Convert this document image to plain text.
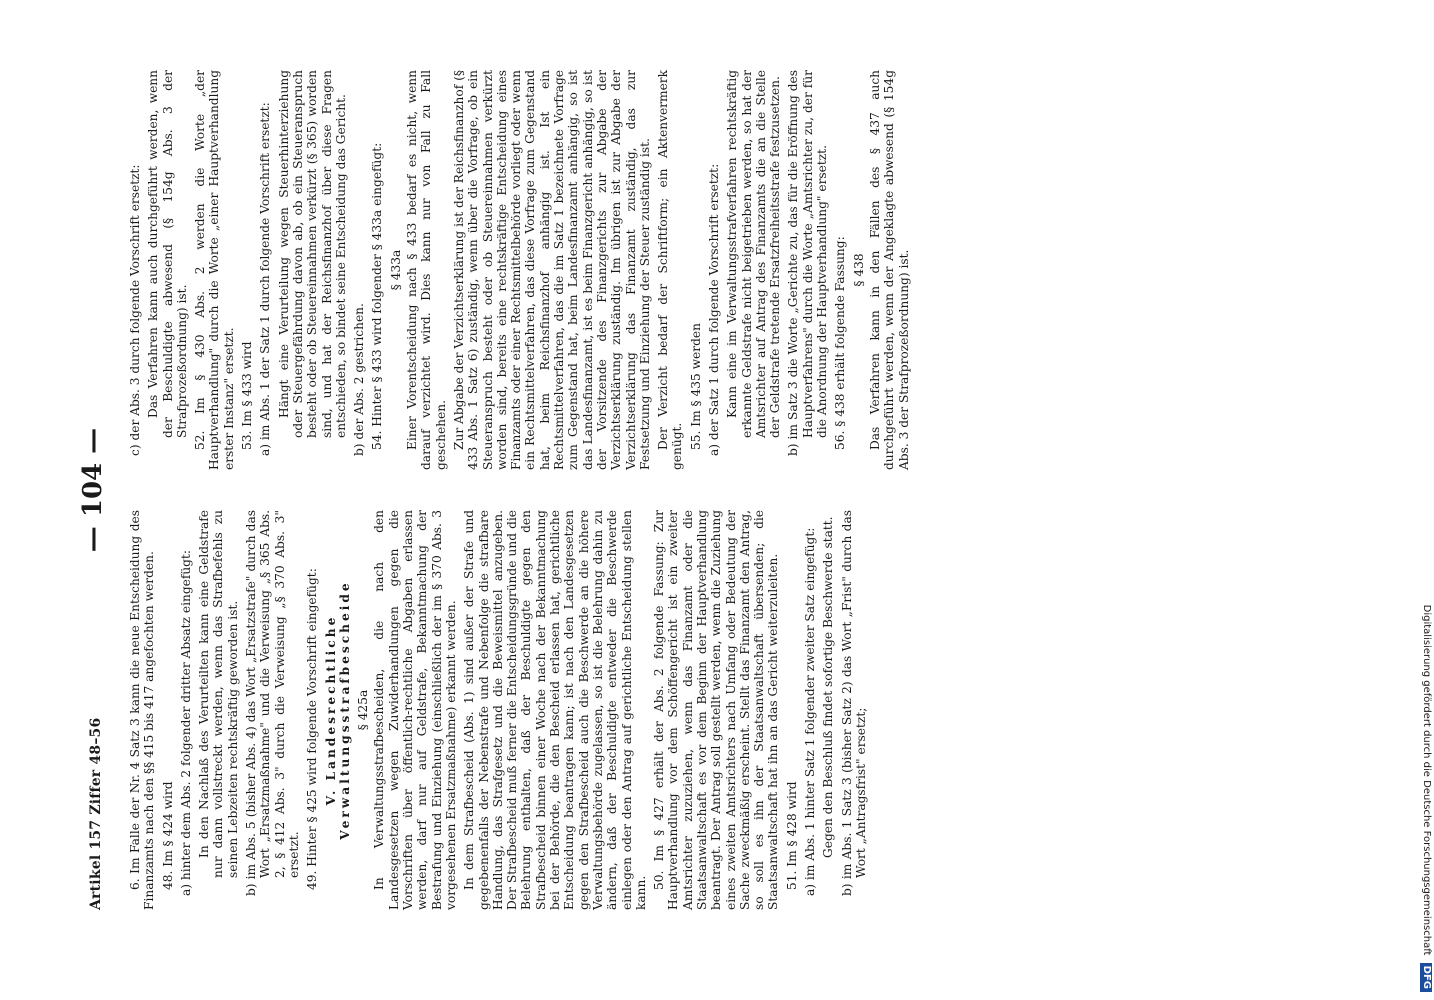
Artikel 157 Ziffer 48–56
— 104 —
6. Im Falle der Nr. 4 Satz 3 kann die neue Entscheidung des Finanzamts nach den §§ 415 bis 417 angefochten werden. 48. Im § 424 wird a) hinter dem Abs. 2 folgender dritter Absatz eingefügt: In den Nachlaß des Verurteilten kann eine Geldstrafe nur dann vollstreckt werden, wenn das Strafbefehls zu seinen Lebzeiten rechtskräftig geworden ist. b) im Abs. 5 (bisher Abs. 4) das Wort „Ersatzstrafe" durch das Wort „Ersatzmaßnahme" und die Verweisung „§ 365 Abs. 2, § 412 Abs. 3" durch die Verweisung „§ 370 Abs. 3" ersetzt. 49. Hinter § 425 wird folgende Vorschrift eingefügt: V. Landesrechtliche Verwaltungsstrafbescheide § 425a In Verwaltungsstrafbescheiden, die nach den Landesgesetzen wegen Zuwiderhandlungen gegen die Vorschriften über öffentlich-rechtliche Abgaben erlassen werden, darf nur auf Geldstrafe, Bekanntmachung der Bestrafung und Einziehung (einschließlich der im § 370 Abs. 3 vorgesehenen Ersatzmaßnahme) erkannt werden. In dem Strafbescheid (Abs. 1) sind außer der Strafe und gegebenenfalls der Nebenstrafe und Nebenfolge die strafbare Handlung, das Strafgesetz und die Beweismittel anzugeben. Der Strafbescheid muß ferner die Entscheidungsgründe und die Belehrung enthalten, daß der Beschuldigte gegen den Strafbescheid binnen einer Woche nach der Bekanntmachung bei der Behörde, die den Bescheid erlassen hat, gerichtliche Entscheidung beantragen kann; ist nach den Landesgesetzen gegen den Strafbescheid auch die Beschwerde an die höhere Verwaltungsbehörde zugelassen, so ist die Belehrung dahin zu ändern, daß der Beschuldigte entweder die Beschwerde einlegen oder den Antrag auf gerichtliche Entscheidung stellen kann.
50. Im § 427 erhält der Abs. 2 folgende Fassung: Zur Hauptverhandlung vor dem Schöffengericht ist ein zweiter Amtsrichter zuzuziehen, wenn das Finanzamt oder die Staatsanwaltschaft es vor dem Beginn der Hauptverhandlung beantragt. Der Antrag soll gestellt werden, wenn die Zuziehung eines zweiten Amtsrichters nach Umfang oder Bedeutung der Sache zweckmäßig erscheint. Stellt das Finanzamt den Antrag, so soll es ihn der Staatsanwaltschaft übersenden; die Staatsanwaltschaft hat ihn an das Gericht weiterzuleiten. 51. Im § 428 wird a) im Abs. 1 hinter Satz 1 folgender zweiter Satz eingefügt: Gegen den Beschluß findet sofortige Beschwerde statt. b) im Abs. 1 Satz 3 (bisher Satz 2) das Wort „Frist" durch das Wort „Antragsfrist" ersetzt;
c) der Abs. 3 durch folgende Vorschrift ersetzt: Das Verfahren kann auch durchgeführt werden, wenn der Beschuldigte abwesend (§ 154g Abs. 3 der Strafprozeßordnung) ist. 52. Im § 430 Abs. 2 werden die Worte „der Hauptverhandlung" durch die Worte „einer Hauptverhandlung erster Instanz" ersetzt. 53. Im § 433 wird a) im Abs. 1 der Satz 1 durch folgende Vorschrift ersetzt: Hängt eine Verurteilung wegen Steuerhinterziehung oder Steuergefährdung davon ab, ob ein Steueranspruch besteht oder ob Steuereinnahmen verkürzt (§ 365) worden sind, und hat der Reichsfinanzhof über diese Fragen entschieden, so bindet seine Entscheidung das Gericht. b) der Abs. 2 gestrichen. 54. Hinter § 433 wird folgender § 433a eingefügt: § 433a Einer Vorentscheidung nach § 433 bedarf es nicht, wenn darauf verzichtet wird. Dies kann nur von Fall zu Fall geschehen. Zur Abgabe der Verzichtserklärung ist der Reichsfinanzhof (§ 433 Abs. 1 Satz 6) zuständig, wenn über die Vorfrage, ob ein Steueranspruch besteht oder ob Steuereinnahmen verkürzt worden sind, bereits eine rechtskräftige Entscheidung eines Finanzamts oder einer Rechtsmittelbehörde vorliegt oder wenn ein Rechtsmittelverfahren, das diese Vorfrage zum Gegenstand hat, beim Reichsfinanzhof anhängig ist. Ist ein Rechtsmittelverfahren, das die im Satz 1 bezeichnete Vorfrage zum Gegenstand hat, beim Landesfinanzamt anhängig, so ist das Landesfinanzamt, ist es beim Finanzgericht anhängig, so ist der Vorsitzende des Finanzgerichts zur Abgabe der Verzichtserklärung zuständig. Im übrigen ist zur Abgabe der Verzichtserklärung das Finanzamt zuständig, das zur Festsetzung und Einziehung der Steuer zuständig ist. Der Verzicht bedarf der Schriftform; ein Aktenvermerk genügt. 55. Im § 435 werden a) der Satz 1 durch folgende Vorschrift ersetzt: Kann eine im Verwaltungsstrafverfahren rechtskräftig erkannte Geldstrafe nicht beigetrieben werden, so hat der Amtsrichter auf Antrag des Finanzamts die an die Stelle der Geldstrafe tretende Ersatzfreiheitsstrafe festzusetzen. b) im Satz 3 die Worte „Gerichte zu, das für die Eröffnung des Hauptverfahrens" durch die Worte „Amtsrichter zu, der für die Anordnung der Hauptverhandlung" ersetzt. 56. § 438 erhält folgende Fassung: § 438 Das Verfahren kann in den Fällen des § 437 auch durchgeführt werden, wenn der Angeklagte abwesend (§ 154g Abs. 3 der Strafprozeßordnung) ist.
Digitalisierung gefördert durch die Deutsche Forschungsgemeinschaft DFG
